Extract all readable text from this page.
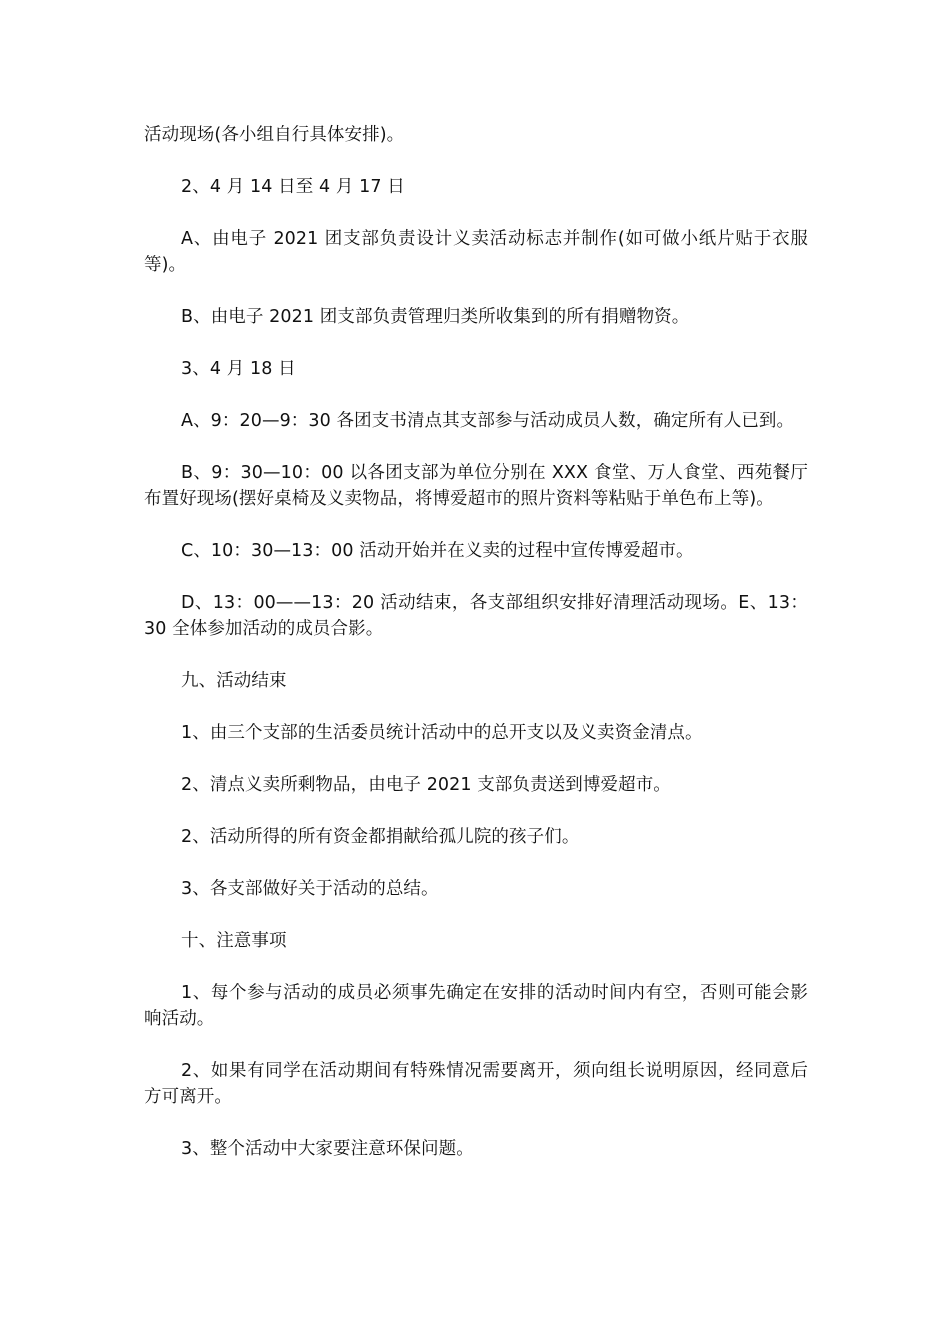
活动现场(各小组自行具体安排)。

2、4 月 14 日至 4 月 17 日

A、由电子 2021 团支部负责设计义卖活动标志并制作(如可做小纸片贴于衣服等)。

B、由电子 2021 团支部负责管理归类所收集到的所有捐赠物资。

3、4 月 18 日

A、9：20—9：30 各团支书清点其支部参与活动成员人数，确定所有人已到。

B、9：30—10：00 以各团支部为单位分别在 XXX 食堂、万人食堂、西苑餐厅布置好现场(摆好桌椅及义卖物品，将博爱超市的照片资料等粘贴于单色布上等)。

C、10：30—13：00 活动开始并在义卖的过程中宣传博爱超市。

D、13：00——13：20 活动结束，各支部组织安排好清理活动现场。E、13：30 全体参加活动的成员合影。

九、活动结束

1、由三个支部的生活委员统计活动中的总开支以及义卖资金清点。

2、清点义卖所剩物品，由电子 2021 支部负责送到博爱超市。

2、活动所得的所有资金都捐献给孤儿院的孩子们。

3、各支部做好关于活动的总结。

十、注意事项

1、每个参与活动的成员必须事先确定在安排的活动时间内有空，否则可能会影响活动。

2、如果有同学在活动期间有特殊情况需要离开，须向组长说明原因，经同意后方可离开。

3、整个活动中大家要注意环保问题。
